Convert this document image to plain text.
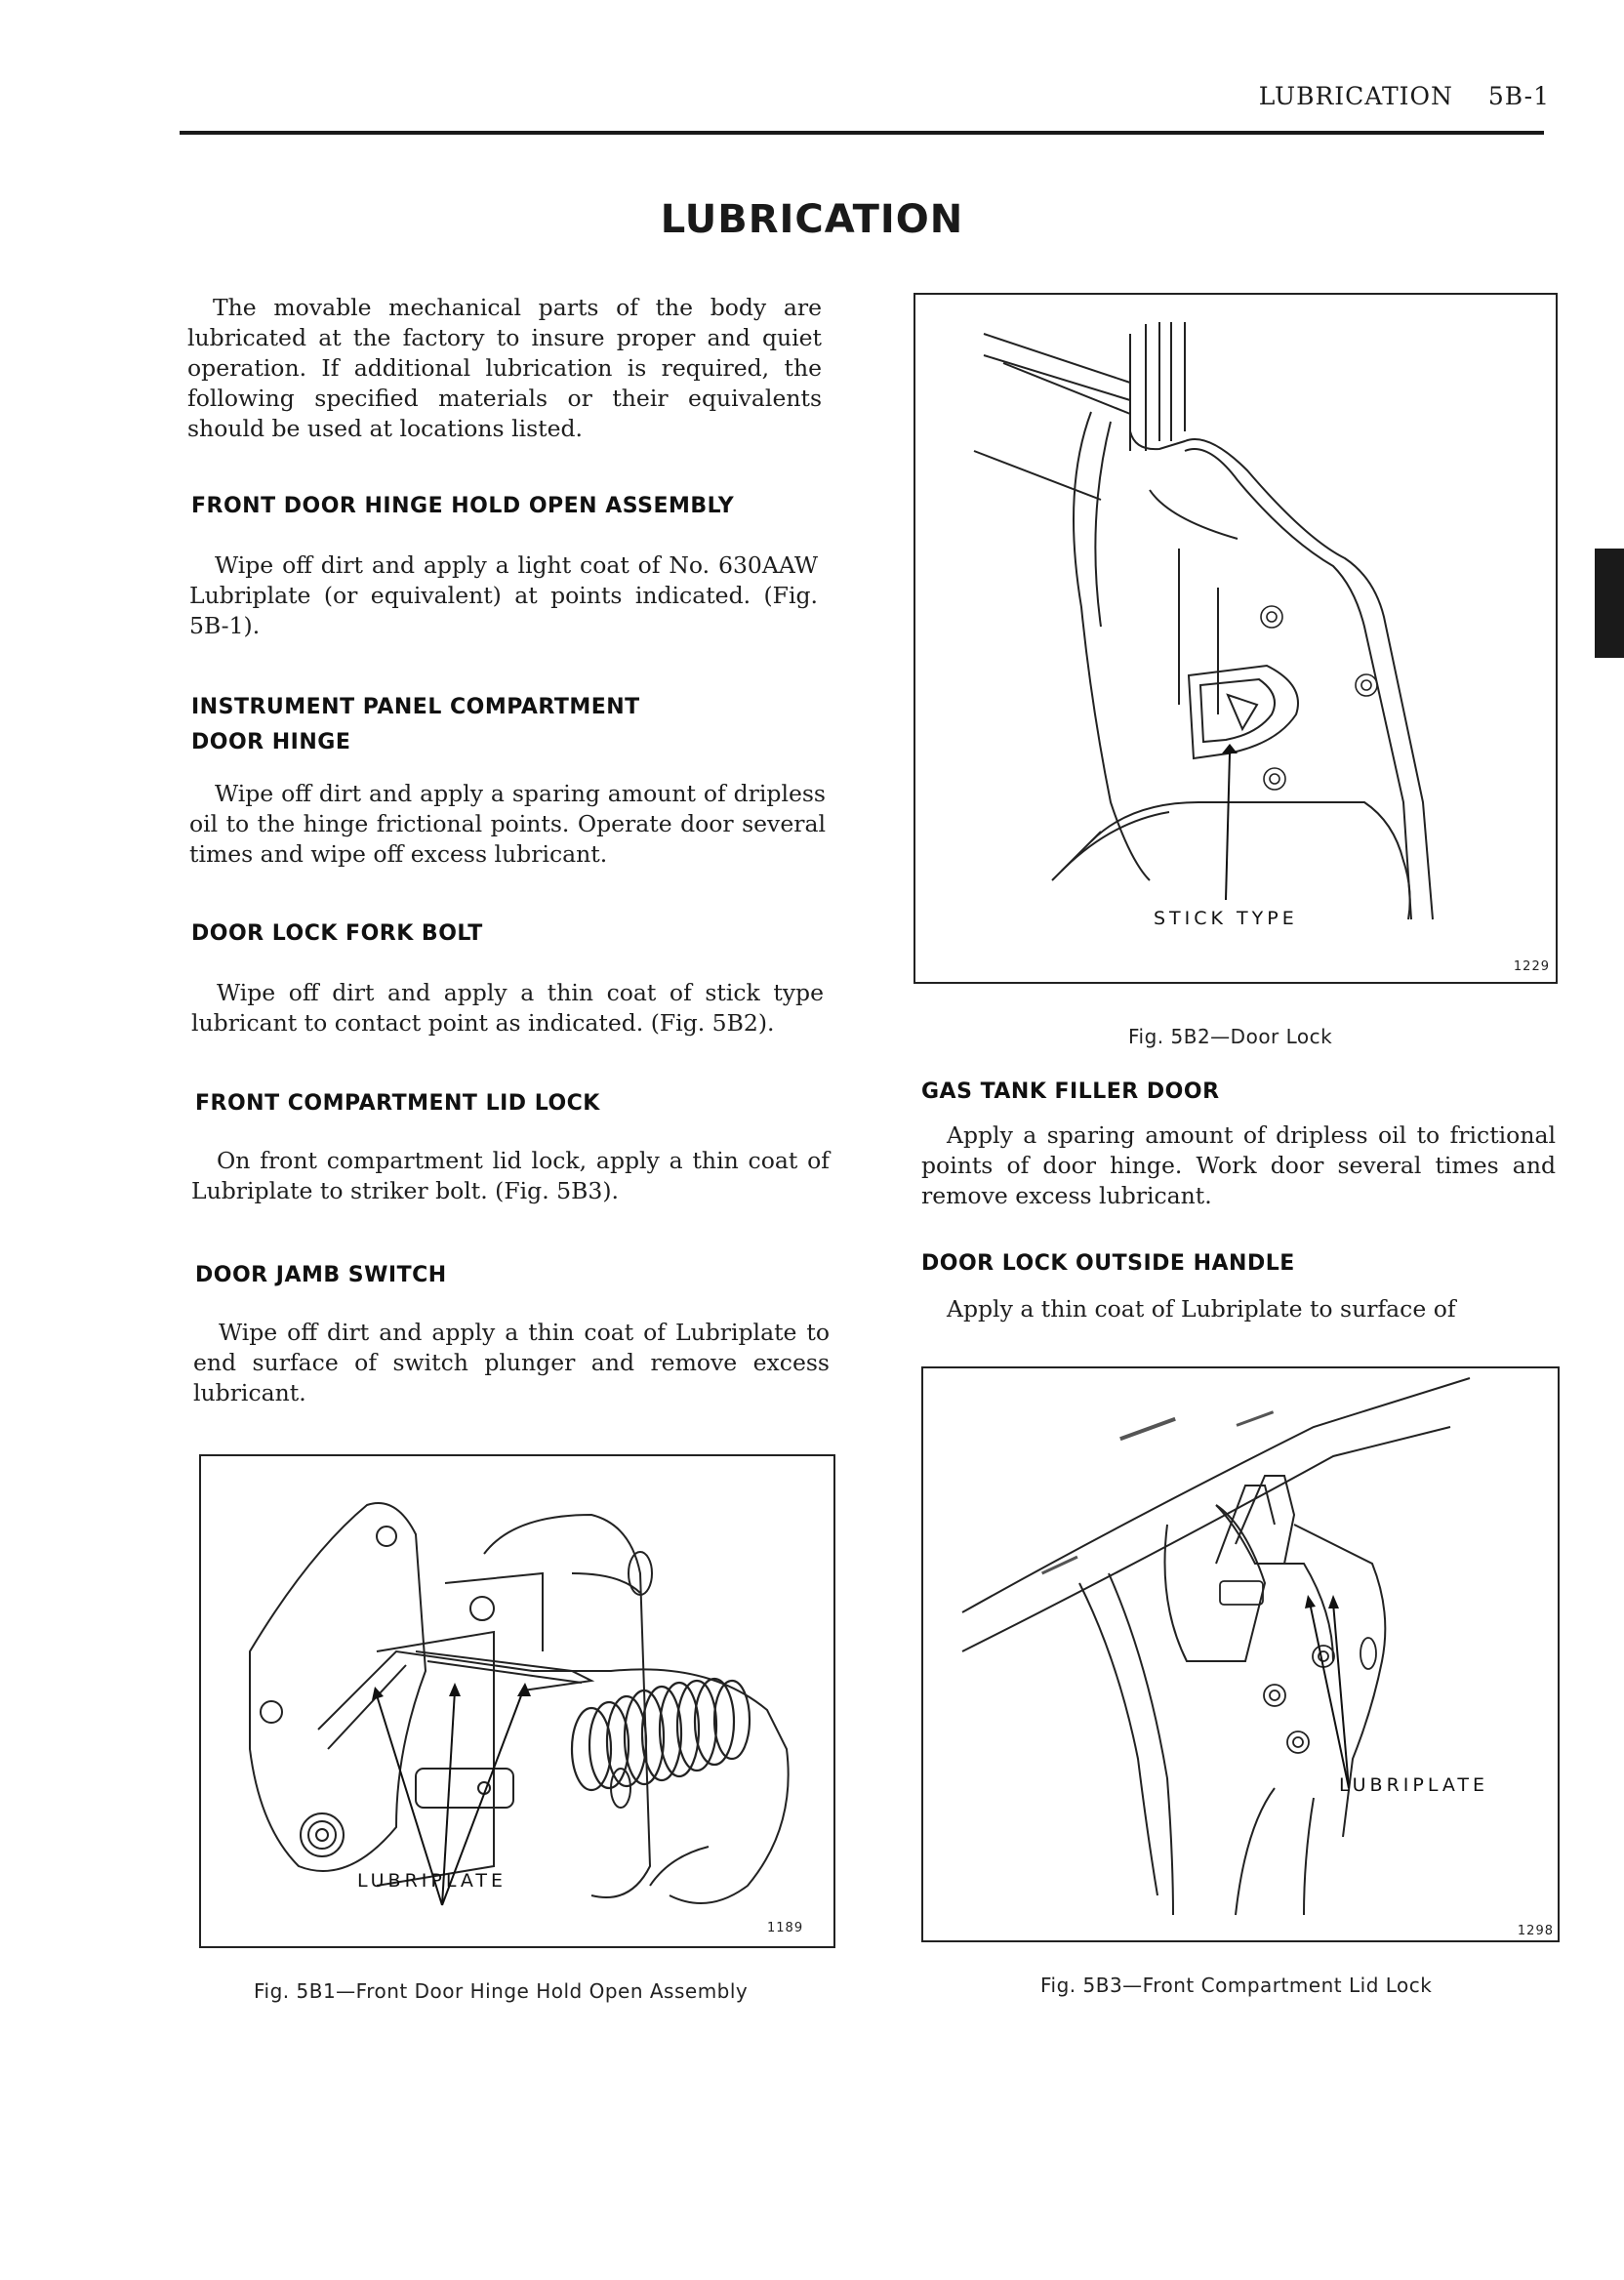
LUBRICATION 5B-1
LUBRICATION
The movable mechanical parts of the body are lubricated at the factory to insure proper and quiet operation. If additional lubrication is required, the following specified materials or their equivalents should be used at locations listed.
FRONT DOOR HINGE HOLD OPEN ASSEMBLY
Wipe off dirt and apply a light coat of No. 630AAW Lubriplate (or equivalent) at points indicated. (Fig. 5B-1).
INSTRUMENT PANEL COMPARTMENT
DOOR HINGE
Wipe off dirt and apply a sparing amount of dripless oil to the hinge frictional points. Operate door several times and wipe off excess lubricant.
DOOR LOCK FORK BOLT
Wipe off dirt and apply a thin coat of stick type lubricant to contact point as indicated. (Fig. 5B2).
FRONT COMPARTMENT LID LOCK
On front compartment lid lock, apply a thin coat of Lubriplate to striker bolt. (Fig. 5B3).
DOOR JAMB SWITCH
Wipe off dirt and apply a thin coat of Lubriplate to end surface of switch plunger and remove excess lubricant.
GAS TANK FILLER DOOR
Apply a sparing amount of dripless oil to frictional points of door hinge. Work door several times and remove excess lubricant.
DOOR LOCK OUTSIDE HANDLE
Apply a thin coat of Lubriplate to surface of
STICK TYPE
1229
Fig. 5B2—Door Lock
LUBRIPLATE
1189
Fig. 5B1—Front Door Hinge Hold Open Assembly
LUBRIPLATE
1298
Fig. 5B3—Front Compartment Lid Lock
